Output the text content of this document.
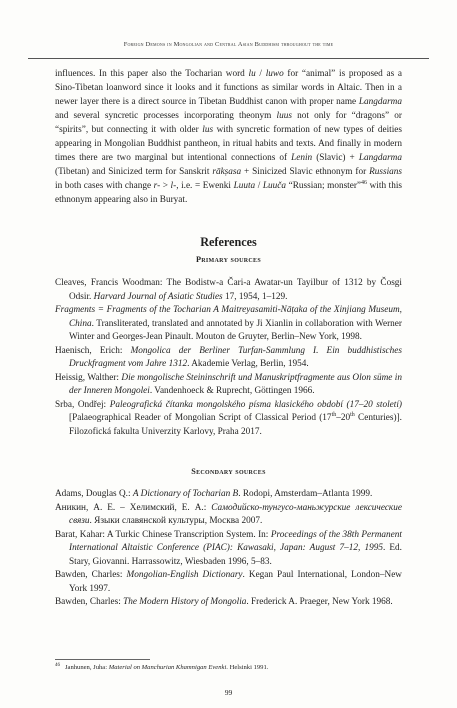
Foreign Demons in Mongolian and Central Asian Buddhism throughout the time

influences. In this paper also the Tocharian word lu / luwo for “animal” is proposed as a Sino-Tibetan loanword since it looks and it functions as similar words in Altaic. Then in a newer layer there is a direct source in Tibetan Buddhist canon with proper name Langdarma and several syncretic processes incorporating theonym luus not only for “dragons” or “spirits”, but connecting it with older lus with syncretic formation of new types of deities appearing in Mongolian Buddhist pantheon, in ritual habits and texts. And finally in modern times there are two marginal but intentional connections of Lenin (Slavic) + Langdarma (Tibetan) and Sinicized term for Sanskrit rākṣasa + Sinicized Slavic ethnonym for Russians in both cases with change r- > l-, i.e. = Ewenki Luuta / Luuča “Russian; monster”$^{46}$ with this ethnonym appearing also in Buryat.

References
Primary sources
Cleaves, Francis Woodman: The Bodistw-a Čari-a Awatar-un Tayilbur of 1312 by Čosgi Odsir. Harvard Journal of Asiatic Studies 17, 1954, 1–129.
Fragments = Fragments of the Tocharian A Maitreyasamiti-Nāṭaka of the Xinjiang Museum, China. Transliterated, translated and annotated by Ji Xianlin in collaboration with Werner Winter and Georges-Jean Pinault. Mouton de Gruyter, Berlin–New York, 1998.
Haenisch, Erich: Mongolica der Berliner Turfan-Sammlung I. Ein buddhistisches Druckfragment vom Jahre 1312. Akademie Verlag, Berlin, 1954.
Heissig, Walther: Die mongolische Steininschrift und Manuskriptfragmente aus Olon süme in der Inneren Mongolei. Vandenhoeck & Ruprecht, Göttingen 1966.
Srba, Ondřej: Paleografická čítanka mongolského písma klasického období (17–20 století) [Palaeographical Reader of Mongolian Script of Classical Period (17th–20th Centuries)]. Filozofická fakulta Univerzity Karlovy, Praha 2017.
Secondary sources
Adams, Douglas Q.: A Dictionary of Tocharian B. Rodopi, Amsterdam–Atlanta 1999.
Аникин, А. Е. – Хелимский, Е. А.: Самодийско-тунгусо-маньжурские лексические связи. Языки славянской культуры, Москва 2007.
Barat, Kahar: A Turkic Chinese Transcription System. In: Proceedings of the 38th Permanent International Altaistic Conference (PIAC): Kawasaki, Japan: August 7–12, 1995. Ed. Stary, Giovanni. Harrassowitz, Wiesbaden 1996, 5–83.
Bawden, Charles: Mongolian-English Dictionary. Kegan Paul International, London–New York 1997.
Bawden, Charles: The Modern History of Mongolia. Frederick A. Praeger, New York 1968.

$^{46}$   Janhunen, Juha: Material on Manchurian Khamnigan Evenki. Helsinki 1991.

99
